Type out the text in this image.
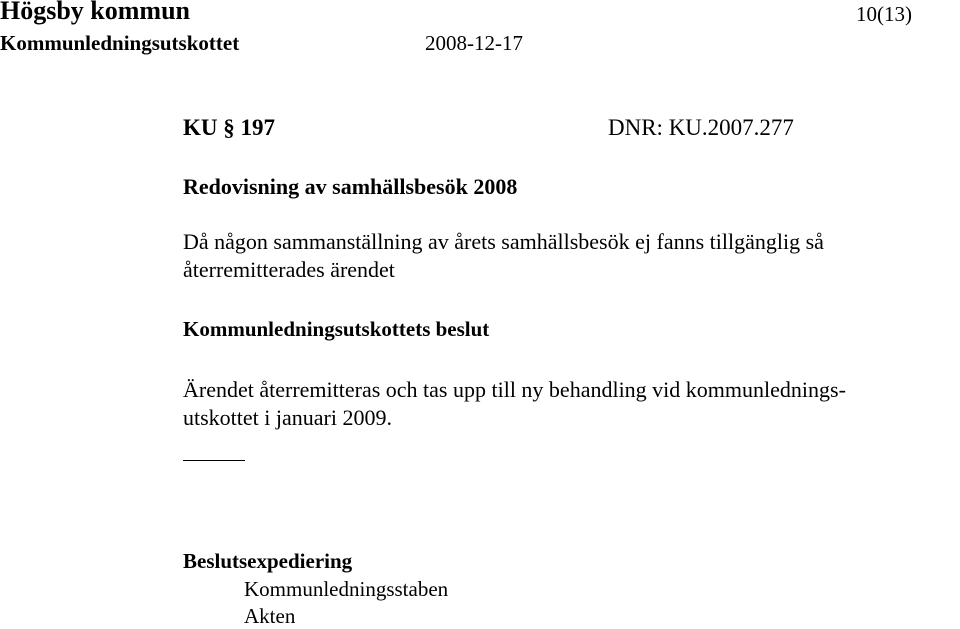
Högsby kommun	10(13)
Kommunledningsutskottet	2008-12-17
KU § 197	DNR: KU.2007.277
Redovisning av samhällsbesök 2008
Då någon sammanställning av årets samhällsbesök ej fanns tillgänglig så
återremitterades ärendet
Kommunledningsutskottets beslut
Ärendet återremitteras och tas upp till ny behandling vid kommunlednings-
utskottet i januari 2009.
Beslutsexpediering
Kommunledningsstaben
Akten
